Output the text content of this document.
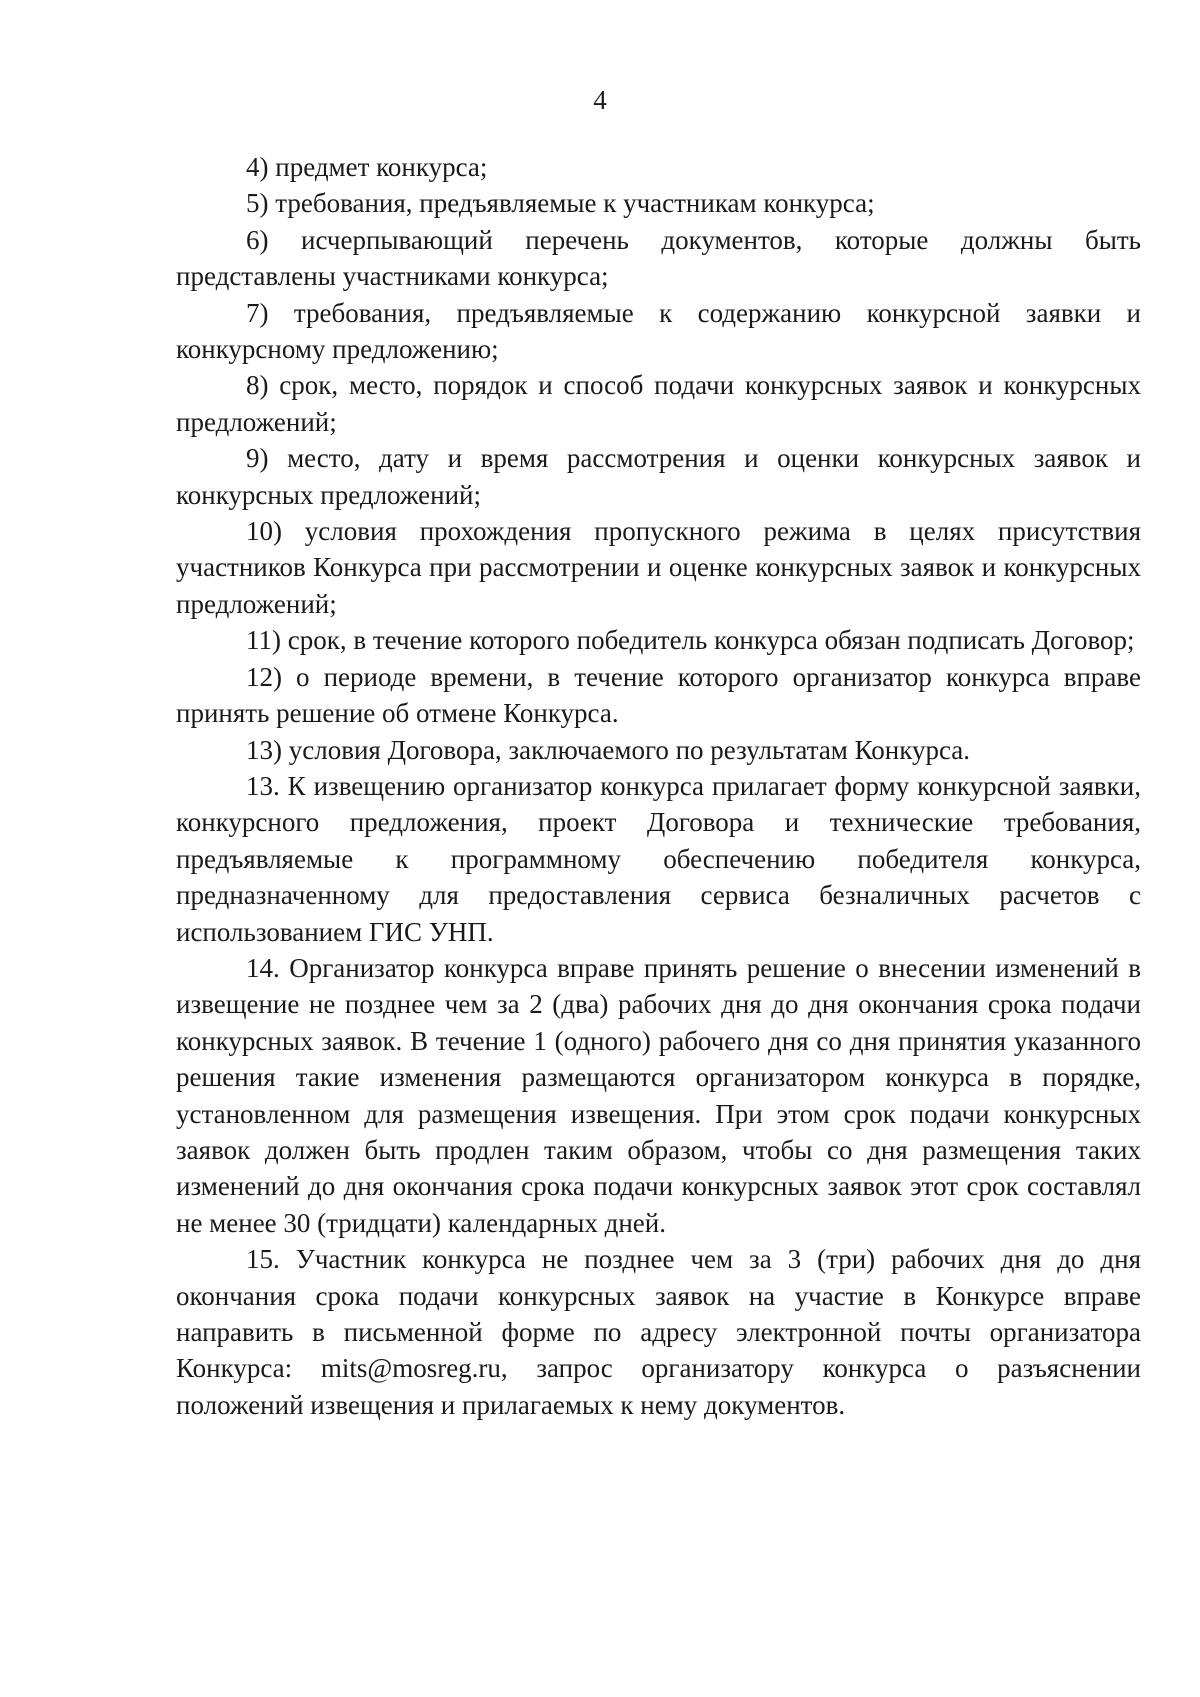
4

4) предмет конкурса;

5) требования, предъявляемые к участникам конкурса;

6) исчерпывающий перечень документов, которые должны быть представлены участниками конкурса;

7) требования, предъявляемые к содержанию конкурсной заявки и конкурсному предложению;

8) срок, место, порядок и способ подачи конкурсных заявок и конкурсных предложений;

9) место, дату и время рассмотрения и оценки конкурсных заявок и конкурсных предложений;

10) условия прохождения пропускного режима в целях присутствия участников Конкурса при рассмотрении и оценке конкурсных заявок и конкурсных предложений;

11) срок, в течение которого победитель конкурса обязан подписать Договор;

12) о периоде времени, в течение которого организатор конкурса вправе принять решение об отмене Конкурса.

13) условия Договора, заключаемого по результатам Конкурса.

13. К извещению организатор конкурса прилагает форму конкурсной заявки, конкурсного предложения, проект Договора и технические требования, предъявляемые к программному обеспечению победителя конкурса, предназначенному для предоставления сервиса безналичных расчетов с использованием ГИС УНП.

14. Организатор конкурса вправе принять решение о внесении изменений в извещение не позднее чем за 2 (два) рабочих дня до дня окончания срока подачи конкурсных заявок. В течение 1 (одного) рабочего дня со дня принятия указанного решения такие изменения размещаются организатором конкурса в порядке, установленном для размещения извещения. При этом срок подачи конкурсных заявок должен быть продлен таким образом, чтобы со дня размещения таких изменений до дня окончания срока подачи конкурсных заявок этот срок составлял не менее 30 (тридцати) календарных дней.

15. Участник конкурса не позднее чем за 3 (три) рабочих дня до дня окончания срока подачи конкурсных заявок на участие в Конкурсе вправе направить в письменной форме по адресу электронной почты организатора Конкурса: mits@mosreg.ru, запрос организатору конкурса о разъяснении положений извещения и прилагаемых к нему документов.
